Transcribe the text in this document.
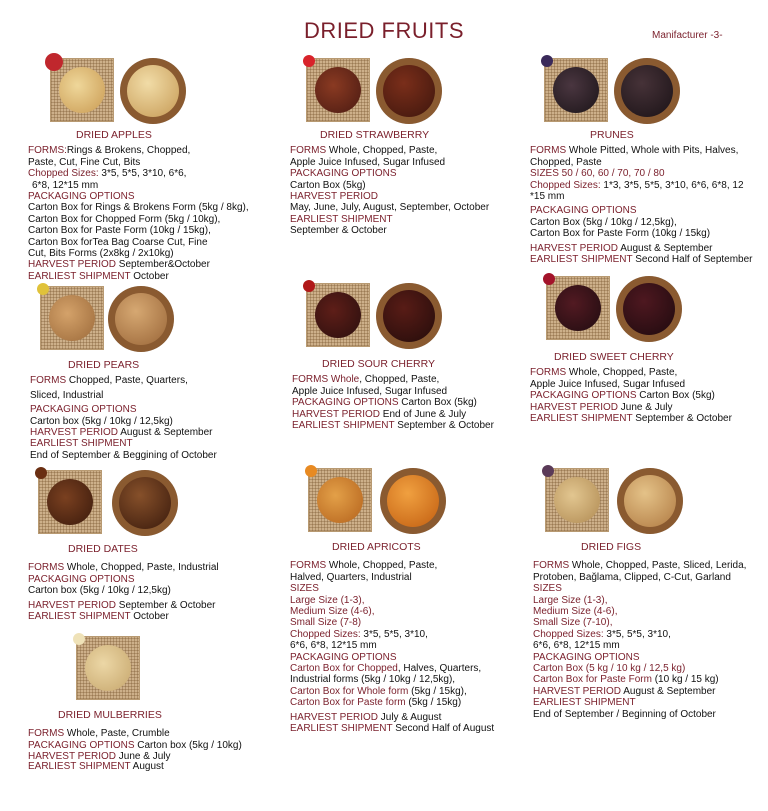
DRIED FRUITS	Manifacturer -3-
DRIED APPLES
FORMS:Rings & Brokens, Chopped,
Paste, Cut, Fine Cut, Bits
Chopped Sizes: 3*5, 5*5, 3*10, 6*6,
6*8, 12*15 mm
PACKAGING OPTIONS
Carton Box for Rings & Brokens Form (5kg / 8kg),
Carton Box for Chopped Form (5kg / 10kg),
Carton Box for Paste Form (10kg / 15kg),
Carton Box forTea Bag Coarse Cut, Fine
Cut, Bits Forms (2x8kg / 2x10kg)
HARVEST PERIOD September&October
EARLIEST SHIPMENT October
DRIED STRAWBERRY
FORMS Whole, Chopped, Paste,
Apple Juice Infused, Sugar Infused
PACKAGING OPTIONS
Carton Box (5kg)
HARVEST PERIOD
May, June, July, August, September, October
EARLIEST SHIPMENT
September & October
PRUNES
FORMS Whole Pitted, Whole with Pits, Halves,
Chopped, Paste
SIZES 50 / 60, 60 / 70, 70 / 80
Chopped Sizes: 1*3, 3*5, 5*5, 3*10, 6*6, 6*8, 12
*15 mm
PACKAGING OPTIONS
Carton Box (5kg / 10kg / 12,5kg),
Carton Box for Paste Form (10kg / 15kg)
HARVEST PERIOD August & September
EARLIEST SHIPMENT Second Half of September
DRIED PEARS
FORMS Chopped, Paste, Quarters,
Sliced, Industrial
PACKAGING OPTIONS
Carton box (5kg / 10kg / 12,5kg)
HARVEST PERIOD August & September
EARLIEST SHIPMENT
End of September & Beggining of October
DRIED SOUR CHERRY
FORMS Whole, Chopped, Paste,
Apple Juice Infused, Sugar Infused
PACKAGING OPTIONS Carton Box (5kg)
HARVEST PERIOD End of June & July
EARLIEST SHIPMENT September & October
DRIED SWEET CHERRY
FORMS Whole, Chopped, Paste,
Apple Juice Infused, Sugar Infused
PACKAGING OPTIONS Carton Box (5kg)
HARVEST PERIOD June & July
EARLIEST SHIPMENT September & October
DRIED DATES
FORMS Whole, Chopped, Paste, Industrial
PACKAGING OPTIONS
Carton box (5kg / 10kg / 12,5kg)
HARVEST PERIOD September & October
EARLIEST SHIPMENT October
DRIED APRICOTS
FORMS Whole, Chopped, Paste,
Halved, Quarters, Industrial
SIZES
Large Size (1-3),
Medium Size (4-6),
Small Size (7-8)
Chopped Sizes: 3*5, 5*5, 3*10,
6*6, 6*8, 12*15 mm
PACKAGING OPTIONS
Carton Box for Chopped, Halves, Quarters,
Industrial forms (5kg / 10kg / 12,5kg),
Carton Box for Whole form (5kg / 15kg),
Carton Box for Paste form (5kg / 15kg)
HARVEST PERIOD July & August
EARLIEST SHIPMENT Second Half of August
DRIED FIGS
FORMS Whole, Chopped, Paste, Sliced, Lerida,
Protoben, Bağlama, Clipped, C-Cut, Garland
SIZES
Large Size (1-3),
Medium Size (4-6),
Small Size (7-10),
Chopped Sizes: 3*5, 5*5, 3*10,
6*6, 6*8, 12*15 mm
PACKAGING OPTIONS
Carton Box (5 kg / 10 kg / 12,5 kg)
Carton Box for Paste Form (10 kg / 15 kg)
HARVEST PERIOD August & September
EARLIEST SHIPMENT
End of September / Beginning of October
DRIED MULBERRIES
FORMS Whole, Paste, Crumble
PACKAGING OPTIONS Carton box (5kg / 10kg)
HARVEST PERIOD June & July
EARLIEST SHIPMENT August
